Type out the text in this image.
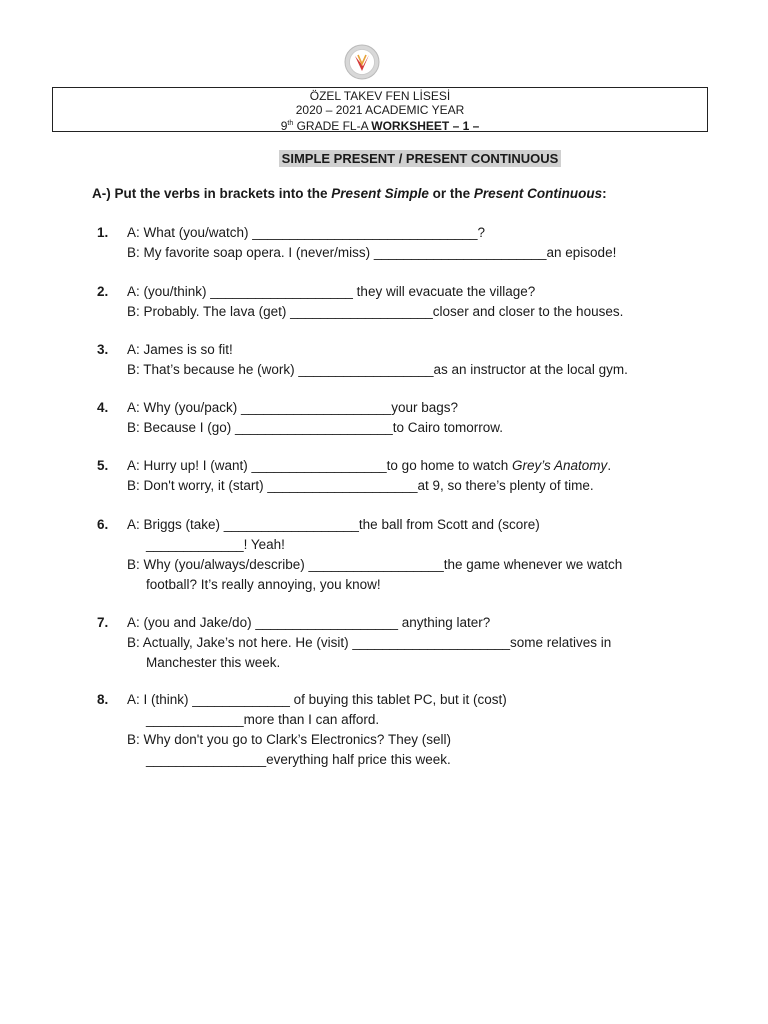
ÖZEL TAKEV FEN LİSESİ
2020 – 2021 ACADEMIC YEAR
9th GRADE FL-A WORKSHEET – 1 –
SIMPLE PRESENT / PRESENT CONTINUOUS
A-) Put the verbs in brackets into the Present Simple or the Present Continuous:
1.	A: What (you/watch) ______________________________?
B: My favorite soap opera. I (never/miss) _______________________an episode!
2.	A: (you/think) ___________________ they will evacuate the village?
B: Probably. The lava (get) ___________________closer and closer to the houses.
3.	A: James is so fit!
B: That’s because he (work) __________________as an instructor at the local gym.
4.	A: Why (you/pack) ____________________your bags?
B: Because I (go) _____________________to Cairo tomorrow.
5.	A: Hurry up! I (want) __________________to go home to watch Grey’s Anatomy.
B: Don't worry, it (start) ____________________at 9, so there’s plenty of time.
6.	A: Briggs (take) __________________the ball from Scott and (score)
_____________! Yeah!
B: Why (you/always/describe) __________________the game whenever we watch
football? It’s really annoying, you know!
7.	A: (you and Jake/do) ___________________ anything later?
B: Actually, Jake’s not here. He (visit) _____________________some relatives in
Manchester this week.
8.	A: I (think) _____________ of buying this tablet PC, but it (cost)
_____________more than I can afford.
B: Why don't you go to Clark’s Electronics? They (sell)
________________everything half price this week.
